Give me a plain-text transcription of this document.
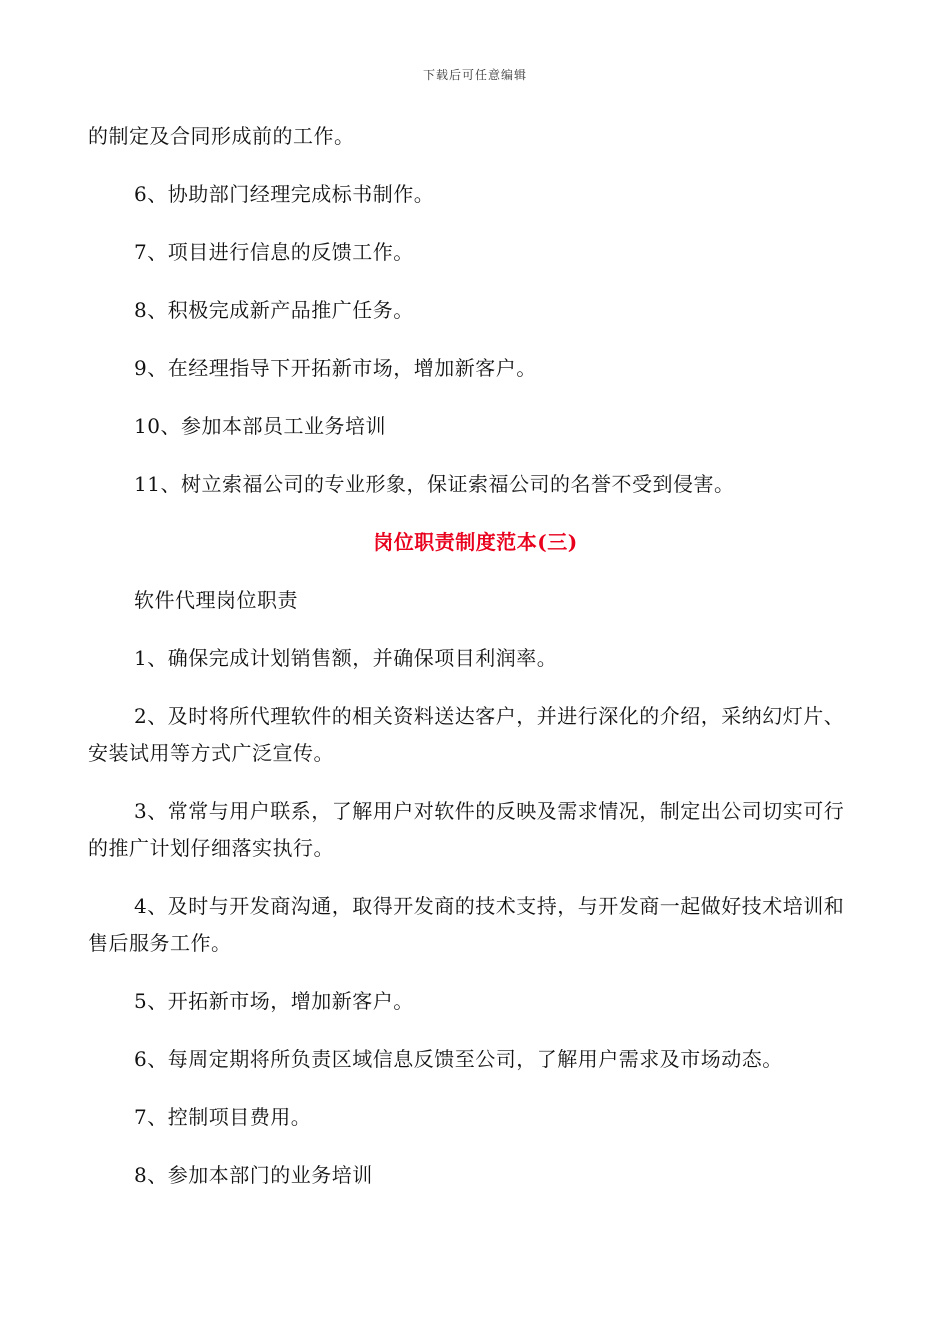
下载后可任意编辑

的制定及合同形成前的工作。

6、协助部门经理完成标书制作。

7、项目进行信息的反馈工作。

8、积极完成新产品推广任务。

9、在经理指导下开拓新市场，增加新客户。

10、参加本部员工业务培训

11、树立索福公司的专业形象，保证索福公司的名誉不受到侵害。

岗位职责制度范本(三)

软件代理岗位职责

1、确保完成计划销售额，并确保项目利润率。

2、及时将所代理软件的相关资料送达客户，并进行深化的介绍，采纳幻灯片、安装试用等方式广泛宣传。

3、常常与用户联系，了解用户对软件的反映及需求情况，制定出公司切实可行的推广计划仔细落实执行。

4、及时与开发商沟通，取得开发商的技术支持，与开发商一起做好技术培训和售后服务工作。

5、开拓新市场，增加新客户。

6、每周定期将所负责区域信息反馈至公司，了解用户需求及市场动态。

7、控制项目费用。

8、参加本部门的业务培训
